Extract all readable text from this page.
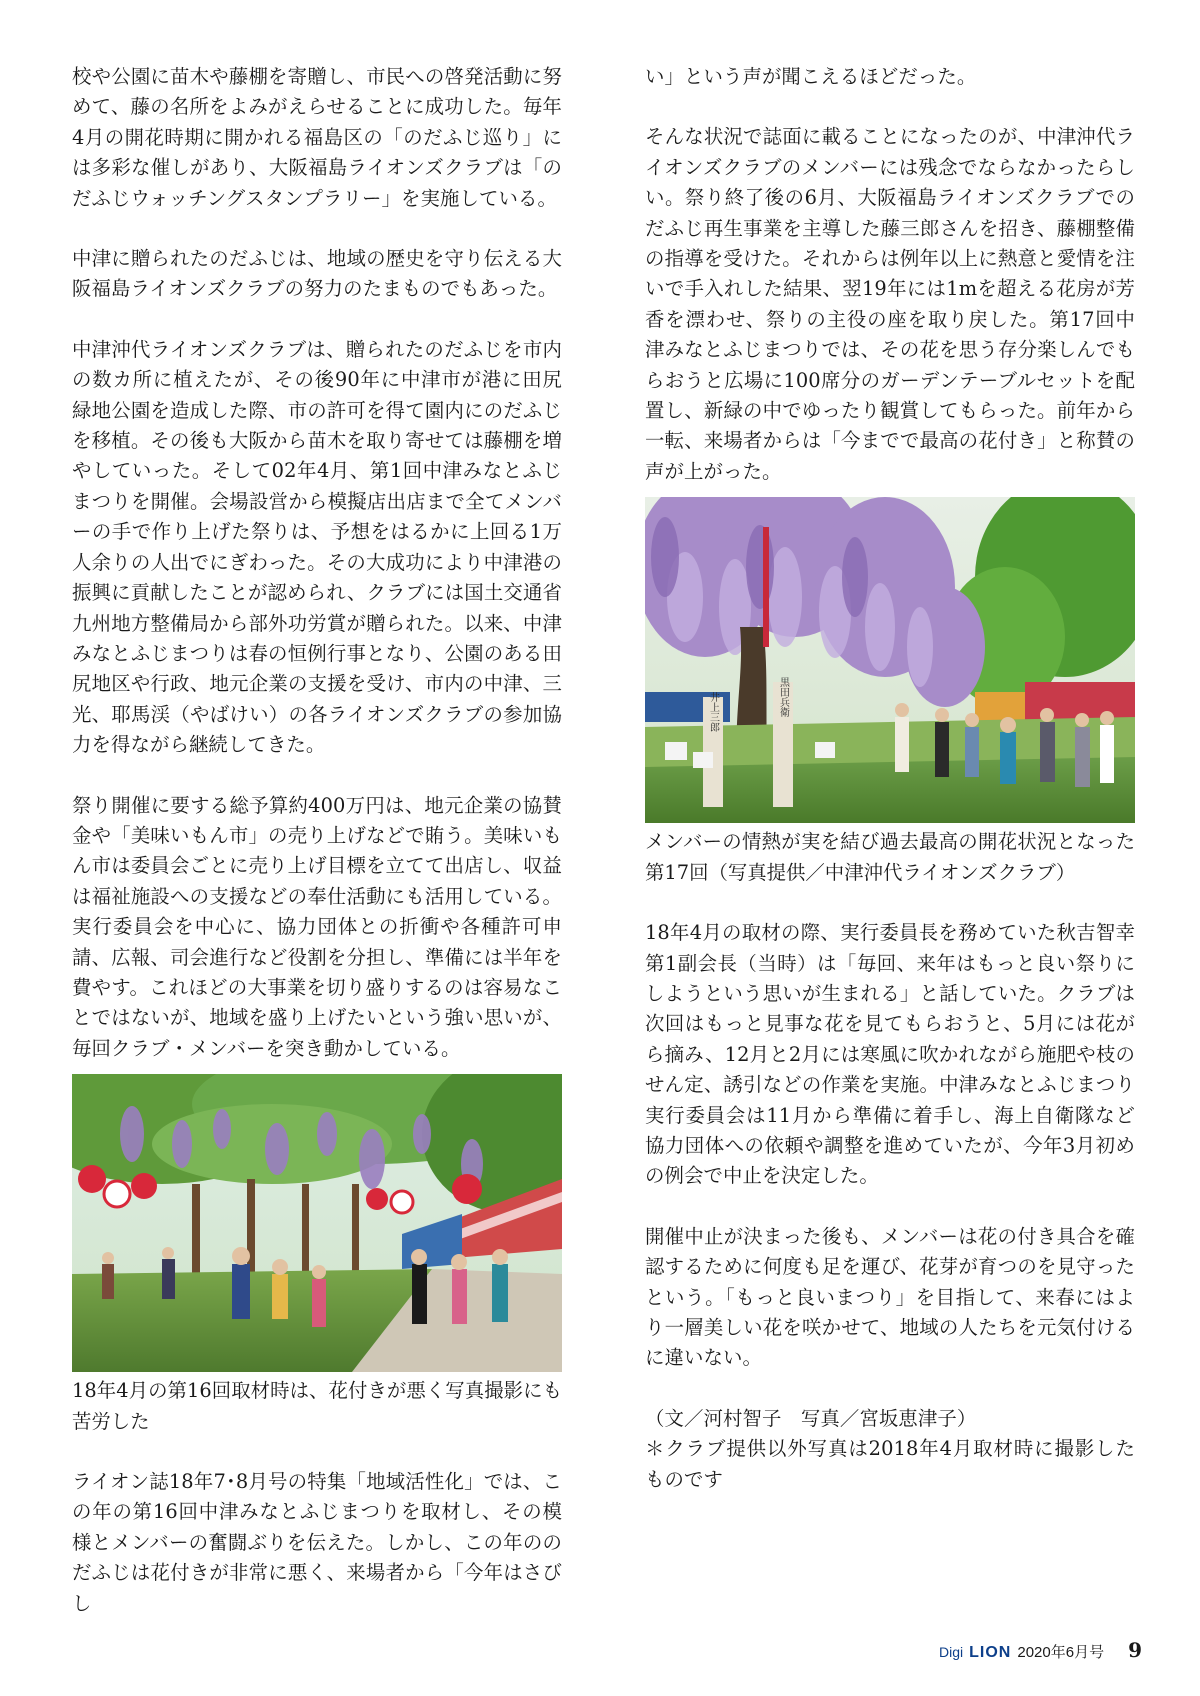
校や公園に苗木や藤棚を寄贈し、市民への啓発活動に努めて、藤の名所をよみがえらせることに成功した。毎年4月の開花時期に開かれる福島区の「のだふじ巡り」には多彩な催しがあり、大阪福島ライオンズクラブは「のだふじウォッチングスタンプラリー」を実施している。

中津に贈られたのだふじは、地域の歴史を守り伝える大阪福島ライオンズクラブの努力のたまものでもあった。

中津沖代ライオンズクラブは、贈られたのだふじを市内の数カ所に植えたが、その後90年に中津市が港に田尻緑地公園を造成した際、市の許可を得て園内にのだふじを移植。その後も大阪から苗木を取り寄せては藤棚を増やしていった。そして02年4月、第1回中津みなとふじまつりを開催。会場設営から模擬店出店まで全てメンバーの手で作り上げた祭りは、予想をはるかに上回る1万人余りの人出でにぎわった。その大成功により中津港の振興に貢献したことが認められ、クラブには国土交通省九州地方整備局から部外功労賞が贈られた。以来、中津みなとふじまつりは春の恒例行事となり、公園のある田尻地区や行政、地元企業の支援を受け、市内の中津、三光、耶馬渓（やばけい）の各ライオンズクラブの参加協力を得ながら継続してきた。

祭り開催に要する総予算約400万円は、地元企業の協賛金や「美味いもん市」の売り上げなどで賄う。美味いもん市は委員会ごとに売り上げ目標を立てて出店し、収益は福祉施設への支援などの奉仕活動にも活用している。実行委員会を中心に、協力団体との折衝や各種許可申請、広報、司会進行など役割を分担し、準備には半年を費やす。これほどの大事業を切り盛りするのは容易なことではないが、地域を盛り上げたいという強い思いが、毎回クラブ・メンバーを突き動かしている。

18年4月の第16回取材時は、花付きが悪く写真撮影にも苦労した

ライオン誌18年7･8月号の特集「地域活性化」では、この年の第16回中津みなとふじまつりを取材し、その模様とメンバーの奮闘ぶりを伝えた。しかし、この年ののだふじは花付きが非常に悪く、来場者から「今年はさびし

い」という声が聞こえるほどだった。

そんな状況で誌面に載ることになったのが、中津沖代ライオンズクラブのメンバーには残念でならなかったらしい。祭り終了後の6月、大阪福島ライオンズクラブでのだふじ再生事業を主導した藤三郎さんを招き、藤棚整備の指導を受けた。それからは例年以上に熱意と愛情を注いで手入れした結果、翌19年には1mを超える花房が芳香を漂わせ、祭りの主役の座を取り戻した。第17回中津みなとふじまつりでは、その花を思う存分楽しんでもらおうと広場に100席分のガーデンテーブルセットを配置し、新緑の中でゆったり観賞してもらった。前年から一転、来場者からは「今までで最高の花付き」と称賛の声が上がった。

井上三郎	黒田兵衛

メンバーの情熱が実を結び過去最高の開花状況となった第17回（写真提供／中津沖代ライオンズクラブ）

18年4月の取材の際、実行委員長を務めていた秋吉智幸第1副会長（当時）は「毎回、来年はもっと良い祭りにしようという思いが生まれる」と話していた。クラブは次回はもっと見事な花を見てもらおうと、5月には花がら摘み、12月と2月には寒風に吹かれながら施肥や枝のせん定、誘引などの作業を実施。中津みなとふじまつり実行委員会は11月から準備に着手し、海上自衛隊など協力団体への依頼や調整を進めていたが、今年3月初めの例会で中止を決定した。

開催中止が決まった後も、メンバーは花の付き具合を確認するために何度も足を運び、花芽が育つのを見守ったという。「もっと良いまつり」を目指して、来春にはより一層美しい花を咲かせて、地域の人たちを元気付けるに違いない。

（文／河村智子　写真／宮坂恵津子）

＊クラブ提供以外写真は2018年4月取材時に撮影したものです

Digi LION 2020年6月号 9
